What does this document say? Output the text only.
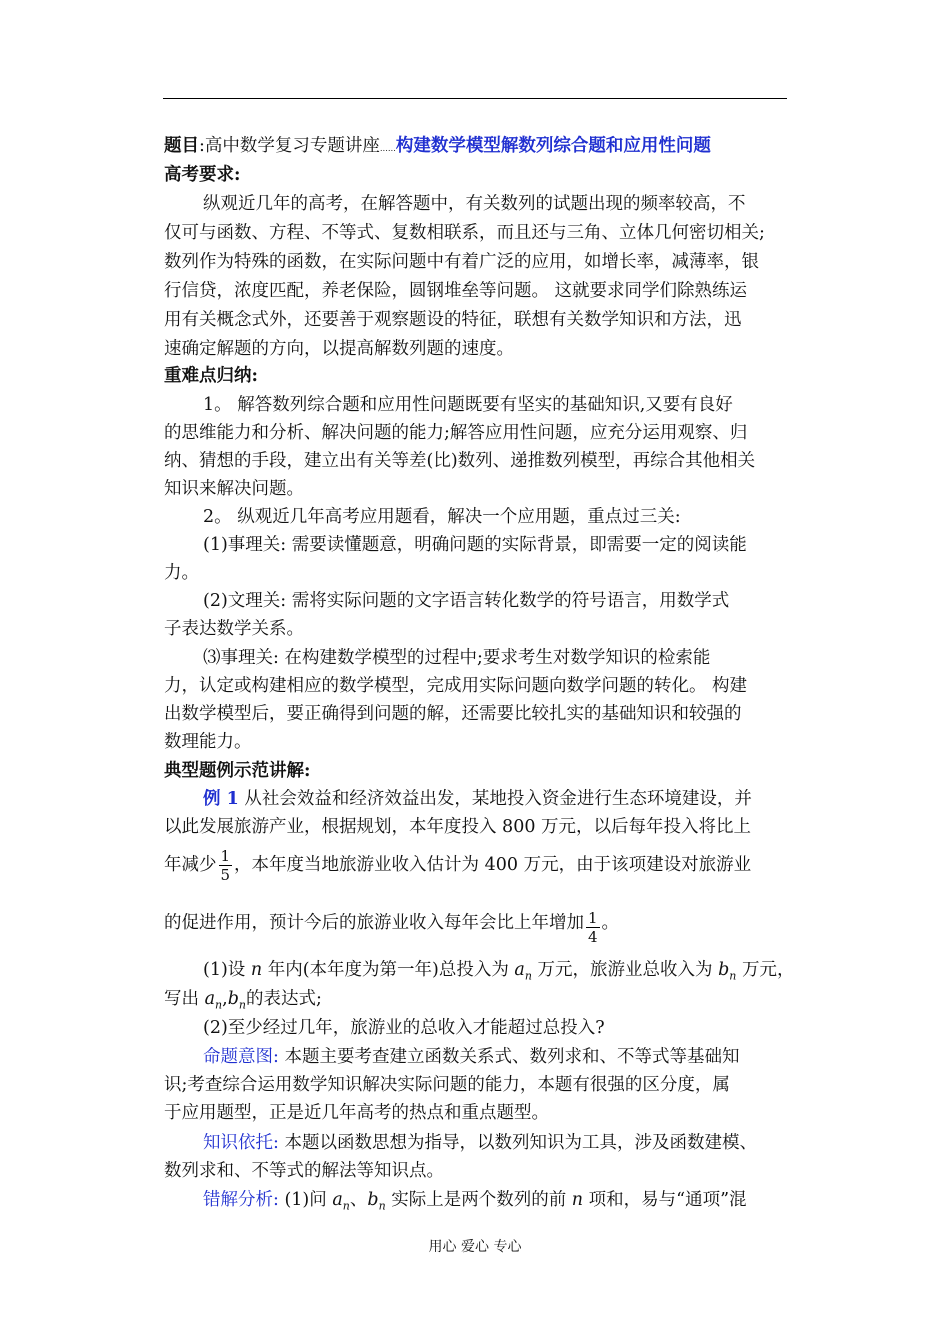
题目:高中数学复习专题讲座……构建数学模型解数列综合题和应用性问题
高考要求:
纵观近几年的高考，在解答题中，有关数列的试题出现的频率较高，不
仅可与函数、方程、不等式、复数相联系，而且还与三角、立体几何密切相关;
数列作为特殊的函数，在实际问题中有着广泛的应用，如增长率，减薄率，银
行信贷，浓度匹配，养老保险，圆钢堆垒等问题。 这就要求同学们除熟练运
用有关概念式外，还要善于观察题设的特征，联想有关数学知识和方法，迅
速确定解题的方向，以提高解数列题的速度。
重难点归纳:
1。 解答数列综合题和应用性问题既要有坚实的基础知识,又要有良好
的思维能力和分析、解决问题的能力;解答应用性问题，应充分运用观察、归
纳、猜想的手段，建立出有关等差(比)数列、递推数列模型，再综合其他相关
知识来解决问题。
2。 纵观近几年高考应用题看，解决一个应用题，重点过三关:
(1)事理关: 需要读懂题意，明确问题的实际背景，即需要一定的阅读能
力。
(2)文理关: 需将实际问题的文字语言转化数学的符号语言，用数学式
子表达数学关系。
⑶事理关: 在构建数学模型的过程中;要求考生对数学知识的检索能
力，认定或构建相应的数学模型，完成用实际问题向数学问题的转化。 构建
出数学模型后，要正确得到问题的解，还需要比较扎实的基础知识和较强的
数理能力。
典型题例示范讲解:
例 1 从社会效益和经济效益出发，某地投入资金进行生态环境建设，并
以此发展旅游产业，根据规划，本年度投入 800 万元，以后每年投入将比上
年减少 $\frac{1}{5}$ ，本年度当地旅游业收入估计为 400 万元，由于该项建设对旅游业
的促进作用，预计今后的旅游业收入每年会比上年增加 $\frac{1}{4}$ 。
(1)设 n 年内(本年度为第一年)总投入为 $a_n$ 万元，旅游业总收入为 $b_n$ 万元，
写出 $a_n,b_n$的表达式;
(2)至少经过几年，旅游业的总收入才能超过总投入?
命题意图: 本题主要考查建立函数关系式、数列求和、不等式等基础知
识;考查综合运用数学知识解决实际问题的能力，本题有很强的区分度，属
于应用题型，正是近几年高考的热点和重点题型。
知识依托: 本题以函数思想为指导，以数列知识为工具，涉及函数建模、
数列求和、不等式的解法等知识点。
错解分析: (1)问 $a_n$、$b_n$ 实际上是两个数列的前 n 项和，易与“通项”混
用心 爱心 专心
